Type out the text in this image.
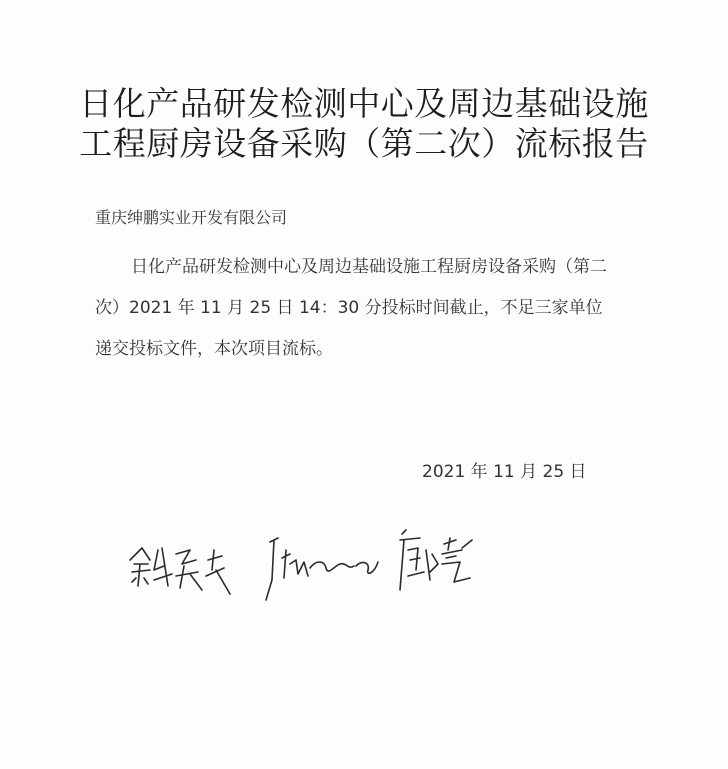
日化产品研发检测中心及周边基础设施
工程厨房设备采购（第二次）流标报告
重庆绅鹏实业开发有限公司
日化产品研发检测中心及周边基础设施工程厨房设备采购（第二
次）2021 年 11 月 25 日 14：30 分投标时间截止，不足三家单位
递交投标文件，本次项目流标。
2021 年 11 月 25 日
